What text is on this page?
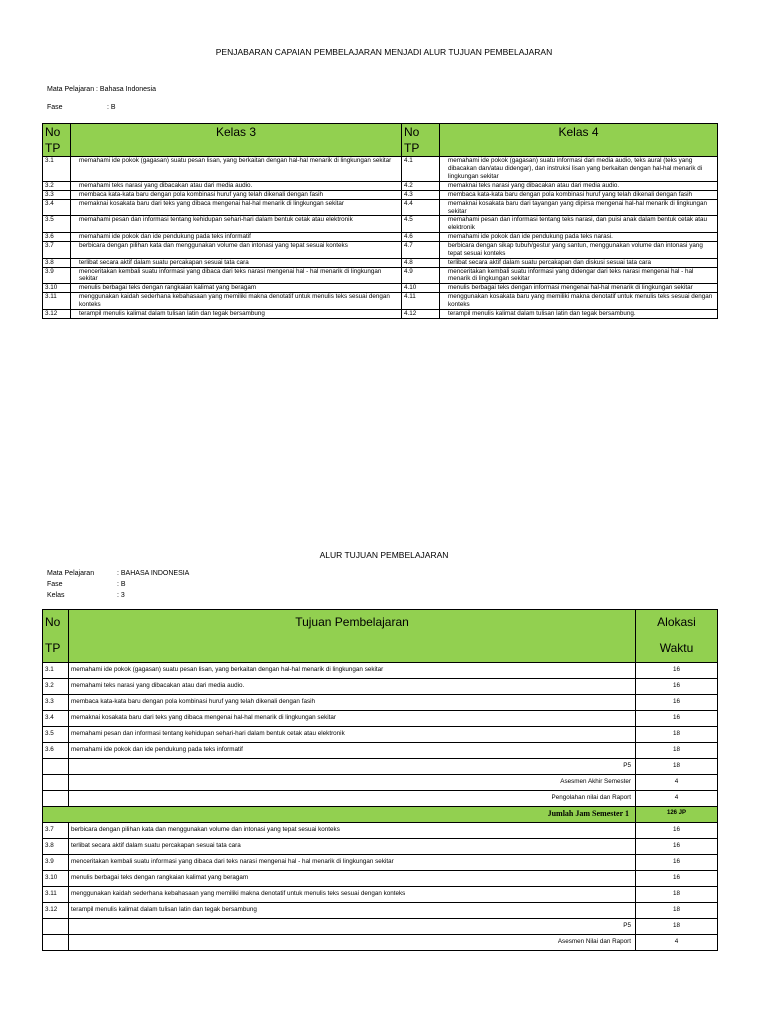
PENJABARAN CAPAIAN PEMBELAJARAN MENJADI ALUR TUJUAN PEMBELAJARAN
Mata Pelajaran : Bahasa Indonesia
Fase	: B
No TP	Kelas 3	No TP	Kelas 4
3.1	memahami ide pokok (gagasan) suatu pesan lisan, yang berkaitan dengan hal-hal menarik di lingkungan sekitar	4.1	memahami ide pokok (gagasan) suatu informasi dari media audio, teks aural (teks yang dibacakan dan/atau didengar), dan instruksi lisan yang berkaitan dengan hal-hal menarik di lingkungan sekitar
3.2	memahami teks narasi yang dibacakan atau dari media audio.	4.2	memaknai teks narasi yang dibacakan atau dari media audio.
3.3	membaca kata-kata baru dengan pola kombinasi huruf yang telah dikenali dengan fasih	4.3	membaca kata-kata baru dengan pola kombinasi huruf yang telah dikenali dengan fasih
3.4	memaknai kosakata baru dari teks yang dibaca mengenai hal-hal menarik di lingkungan sekitar	4.4	memaknai kosakata baru dari tayangan yang dipirsa mengenai hal-hal menarik di lingkungan sekitar
3.5	memahami pesan dan informasi tentang kehidupan sehari-hari dalam bentuk cetak atau elektronik	4.5	memahami pesan dan informasi tentang teks narasi, dan puisi anak dalam bentuk cetak atau elektronik
3.6	memahami ide pokok dan ide pendukung pada teks informatif	4.6	memahami ide pokok dan ide pendukung pada teks narasi.
3.7	berbicara dengan pilihan kata dan menggunakan volume dan intonasi yang tepat sesuai konteks	4.7	berbicara dengan sikap tubuh/gestur yang santun, menggunakan volume dan intonasi yang tepat sesuai konteks
3.8	terlibat secara aktif dalam suatu percakapan sesuai tata cara	4.8	terlibat secara aktif dalam suatu percakapan dan diskusi sesuai tata cara
3.9	menceritakan kembali suatu informasi yang dibaca dari teks narasi mengenai hal - hal menarik di lingkungan sekitar	4.9	menceritakan kembali suatu informasi yang didengar dari teks narasi mengenai hal - hal menarik di lingkungan sekitar
3.10	menulis berbagai teks dengan rangkaian kalimat yang beragam	4.10	menulis berbagai teks dengan informasi mengenai hal-hal menarik di lingkungan sekitar
3.11	menggunakan kaidah sederhana kebahasaan yang memiliki makna denotatif untuk menulis teks sesuai dengan konteks	4.11	menggunakan kosakata baru yang memiliki makna denotatif untuk menulis teks sesuai dengan konteks
3.12	terampil menulis kalimat dalam tulisan latin dan tegak bersambung	4.12	terampil menulis kalimat dalam tulisan latin dan tegak bersambung.
ALUR TUJUAN PEMBELAJARAN
Mata Pelajaran	: BAHASA INDONESIA
Fase	: B
Kelas	: 3
No
TP	Tujuan Pembelajaran	Alokasi
Waktu
3.1	memahami ide pokok (gagasan) suatu pesan lisan, yang berkaitan dengan hal-hal menarik di lingkungan sekitar	16
3.2	memahami teks narasi yang dibacakan atau dari media audio.	16
3.3	membaca kata-kata baru dengan pola kombinasi huruf yang telah dikenali dengan fasih	16
3.4	memaknai kosakata baru dari teks yang dibaca mengenai hal-hal menarik di lingkungan sekitar	16
3.5	memahami pesan dan informasi tentang kehidupan sehari-hari dalam bentuk cetak atau elektronik	18
3.6	memahami ide pokok dan ide pendukung pada teks informatif	18
	P5	18
	Asesmen Akhir Semester	4
	Pengolahan nilai dan Raport	4
Jumlah Jam Semester 1		126 JP
3.7	berbicara dengan pilihan kata dan menggunakan volume dan intonasi yang tepat sesuai konteks	16
3.8	terlibat secara aktif dalam suatu percakapan sesuai tata cara	16
3.9	menceritakan kembali suatu informasi yang dibaca dari teks narasi mengenai hal - hal menarik di lingkungan sekitar	16
3.10	menulis berbagai teks dengan rangkaian kalimat yang beragam	16
3.11	menggunakan kaidah sederhana kebahasaan yang memiliki makna denotatif untuk menulis teks sesuai dengan konteks	18
3.12	terampil menulis kalimat dalam tulisan latin dan tegak bersambung	18
	P5	18
	Asesmen Nilai dan Raport	4
